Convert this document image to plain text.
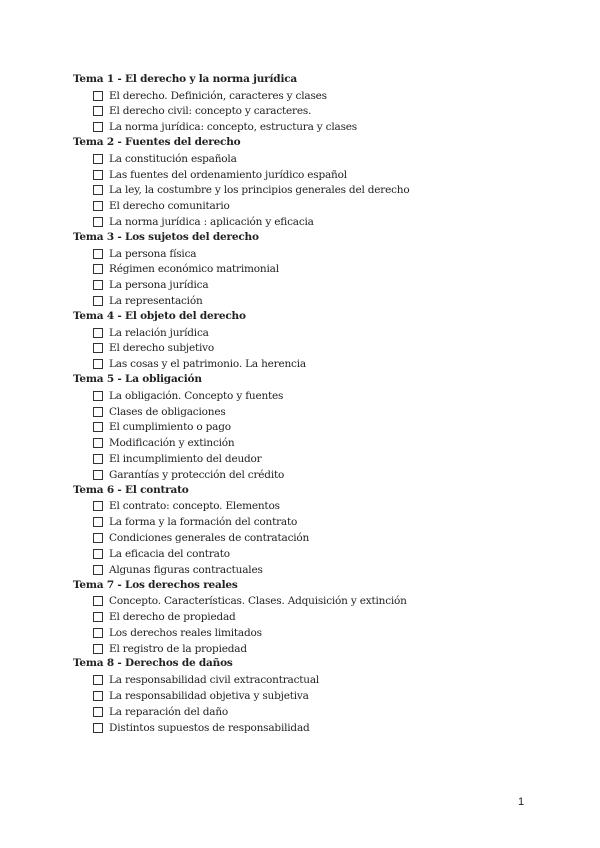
Tema 1 - El derecho y la norma jurídica
El derecho. Definición, caracteres y clases
El derecho civil: concepto y caracteres.
La norma jurídica: concepto, estructura y clases
Tema 2 - Fuentes del derecho
La constitución española
Las fuentes del ordenamiento jurídico español
La ley, la costumbre y los principios generales del derecho
El derecho comunitario
La norma jurídica : aplicación y eficacia
Tema 3 - Los sujetos del derecho
La persona física
Régimen económico matrimonial
La persona jurídica
La representación
Tema 4 - El objeto del derecho
La relación jurídica
El derecho subjetivo
Las cosas y el patrimonio. La herencia
Tema 5 - La obligación
La obligación. Concepto y fuentes
Clases de obligaciones
El cumplimiento o pago
Modificación y extinción
El incumplimiento del deudor
Garantías y protección del crédito
Tema 6 - El contrato
El contrato: concepto. Elementos
La forma y la formación del contrato
Condiciones generales de contratación
La eficacia del contrato
Algunas figuras contractuales
Tema 7 - Los derechos reales
Concepto. Características. Clases. Adquisición y extinción
El derecho de propiedad
Los derechos reales limitados
El registro de la propiedad
Tema 8 - Derechos de daños
La responsabilidad civil extracontractual
La responsabilidad objetiva y subjetiva
La reparación del daño
Distintos supuestos de responsabilidad
1
